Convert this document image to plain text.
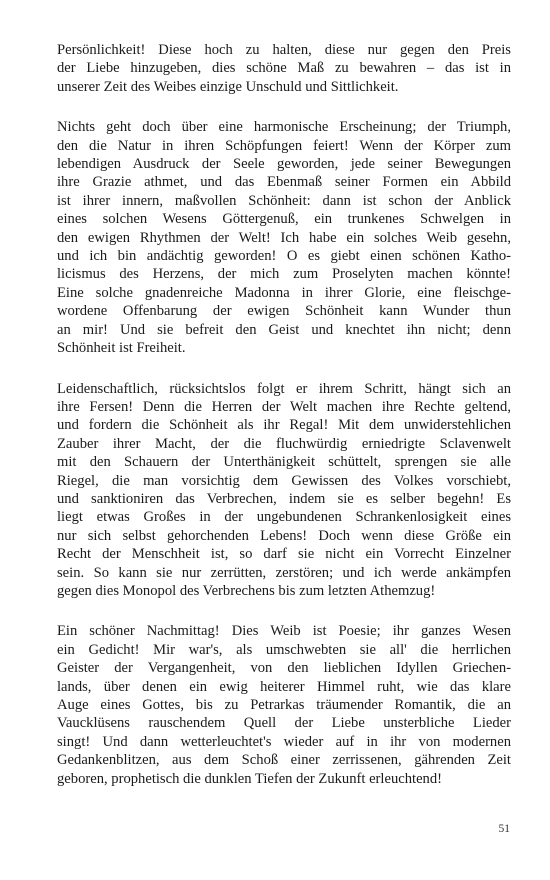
Persönlichkeit! Diese hoch zu halten, diese nur gegen den Preis
der Liebe hinzugeben, dies schöne Maß zu bewahren – das ist in
unserer Zeit des Weibes einzige Unschuld und Sittlichkeit.

Nichts geht doch über eine harmonische Erscheinung; der Triumph,
den die Natur in ihren Schöpfungen feiert! Wenn der Körper zum
lebendigen Ausdruck der Seele geworden, jede seiner Bewegungen
ihre Grazie athmet, und das Ebenmaß seiner Formen ein Abbild
ist ihrer innern, maßvollen Schönheit: dann ist schon der Anblick
eines solchen Wesens Göttergenuß, ein trunkenes Schwelgen in
den ewigen Rhythmen der Welt! Ich habe ein solches Weib gesehn,
und ich bin andächtig geworden! O es giebt einen schönen Katho-
licismus des Herzens, der mich zum Proselyten machen könnte!
Eine solche gnadenreiche Madonna in ihrer Glorie, eine fleischge-
wordene Offenbarung der ewigen Schönheit kann Wunder thun
an mir! Und sie befreit den Geist und knechtet ihn nicht; denn
Schönheit ist Freiheit.

Leidenschaftlich, rücksichtslos folgt er ihrem Schritt, hängt sich an
ihre Fersen! Denn die Herren der Welt machen ihre Rechte geltend,
und fordern die Schönheit als ihr Regal! Mit dem unwiderstehlichen
Zauber ihrer Macht, der die fluchwürdig erniedrigte Sclavenwelt
mit den Schauern der Unterthänigkeit schüttelt, sprengen sie alle
Riegel, die man vorsichtig dem Gewissen des Volkes vorschiebt,
und sanktioniren das Verbrechen, indem sie es selber begehn! Es
liegt etwas Großes in der ungebundenen Schrankenlosigkeit eines
nur sich selbst gehorchenden Lebens! Doch wenn diese Größe ein
Recht der Menschheit ist, so darf sie nicht ein Vorrecht Einzelner
sein. So kann sie nur zerrütten, zerstören; und ich werde ankämpfen
gegen dies Monopol des Verbrechens bis zum letzten Athemzug!

Ein schöner Nachmittag! Dies Weib ist Poesie; ihr ganzes Wesen
ein Gedicht! Mir war's, als umschwebten sie all' die herrlichen
Geister der Vergangenheit, von den lieblichen Idyllen Griechen-
lands, über denen ein ewig heiterer Himmel ruht, wie das klare
Auge eines Gottes, bis zu Petrarkas träumender Romantik, die an
Vaucklüsens rauschendem Quell der Liebe unsterbliche Lieder
singt! Und dann wetterleuchtet's wieder auf in ihr von modernen
Gedankenblitzen, aus dem Schoß einer zerrissenen, gährenden Zeit
geboren, prophetisch die dunklen Tiefen der Zukunft erleuchtend!

51
